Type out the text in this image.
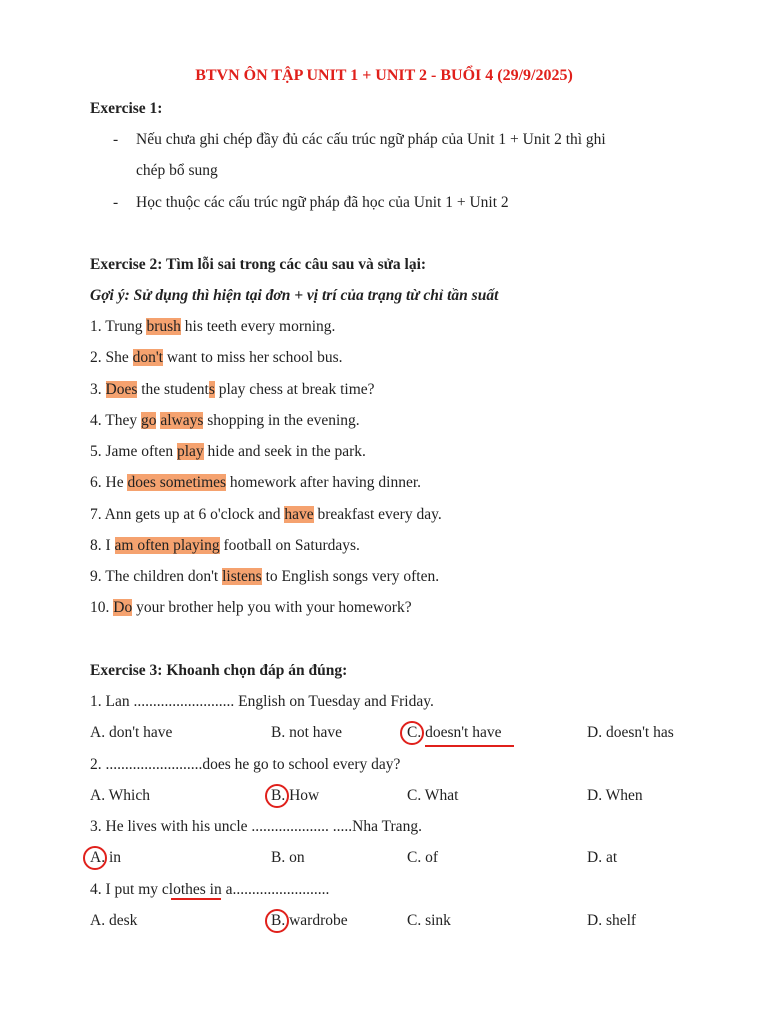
BTVN ÔN TẬP UNIT 1 + UNIT 2 - BUỔI 4 (29/9/2025)
Exercise 1:
- Nếu chưa ghi chép đầy đủ các cấu trúc ngữ pháp của Unit 1 + Unit 2 thì ghi
chép bổ sung
- Học thuộc các cấu trúc ngữ pháp đã học của Unit 1 + Unit 2
Exercise 2: Tìm lỗi sai trong các câu sau và sửa lại:
Gợi ý: Sử dụng thì hiện tại đơn + vị trí của trạng từ chỉ tần suất
1. Trung brush his teeth every morning.
2. She don't want to miss her school bus.
3. Does the students play chess at break time?
4. They go always shopping in the evening.
5. Jame often play hide and seek in the park.
6. He does sometimes homework after having dinner.
7. Ann gets up at 6 o'clock and have breakfast every day.
8. I am often playing football on Saturdays.
9. The children don't listens to English songs very often.
10. Do your brother help you with your homework?
Exercise 3: Khoanh chọn đáp án đúng:
1. Lan .......................... English on Tuesday and Friday.
A. don't have	B. not have	C. doesn't have	D. doesn't has
2. .........................does he go to school every day?
A. Which	B. How	C. What	D. When
3. He lives with his uncle .................... .....Nha Trang.
A. in	B. on	C. of	D. at
4. I put my clothes in a.........................
A. desk	B. wardrobe	C. sink	D. shelf
